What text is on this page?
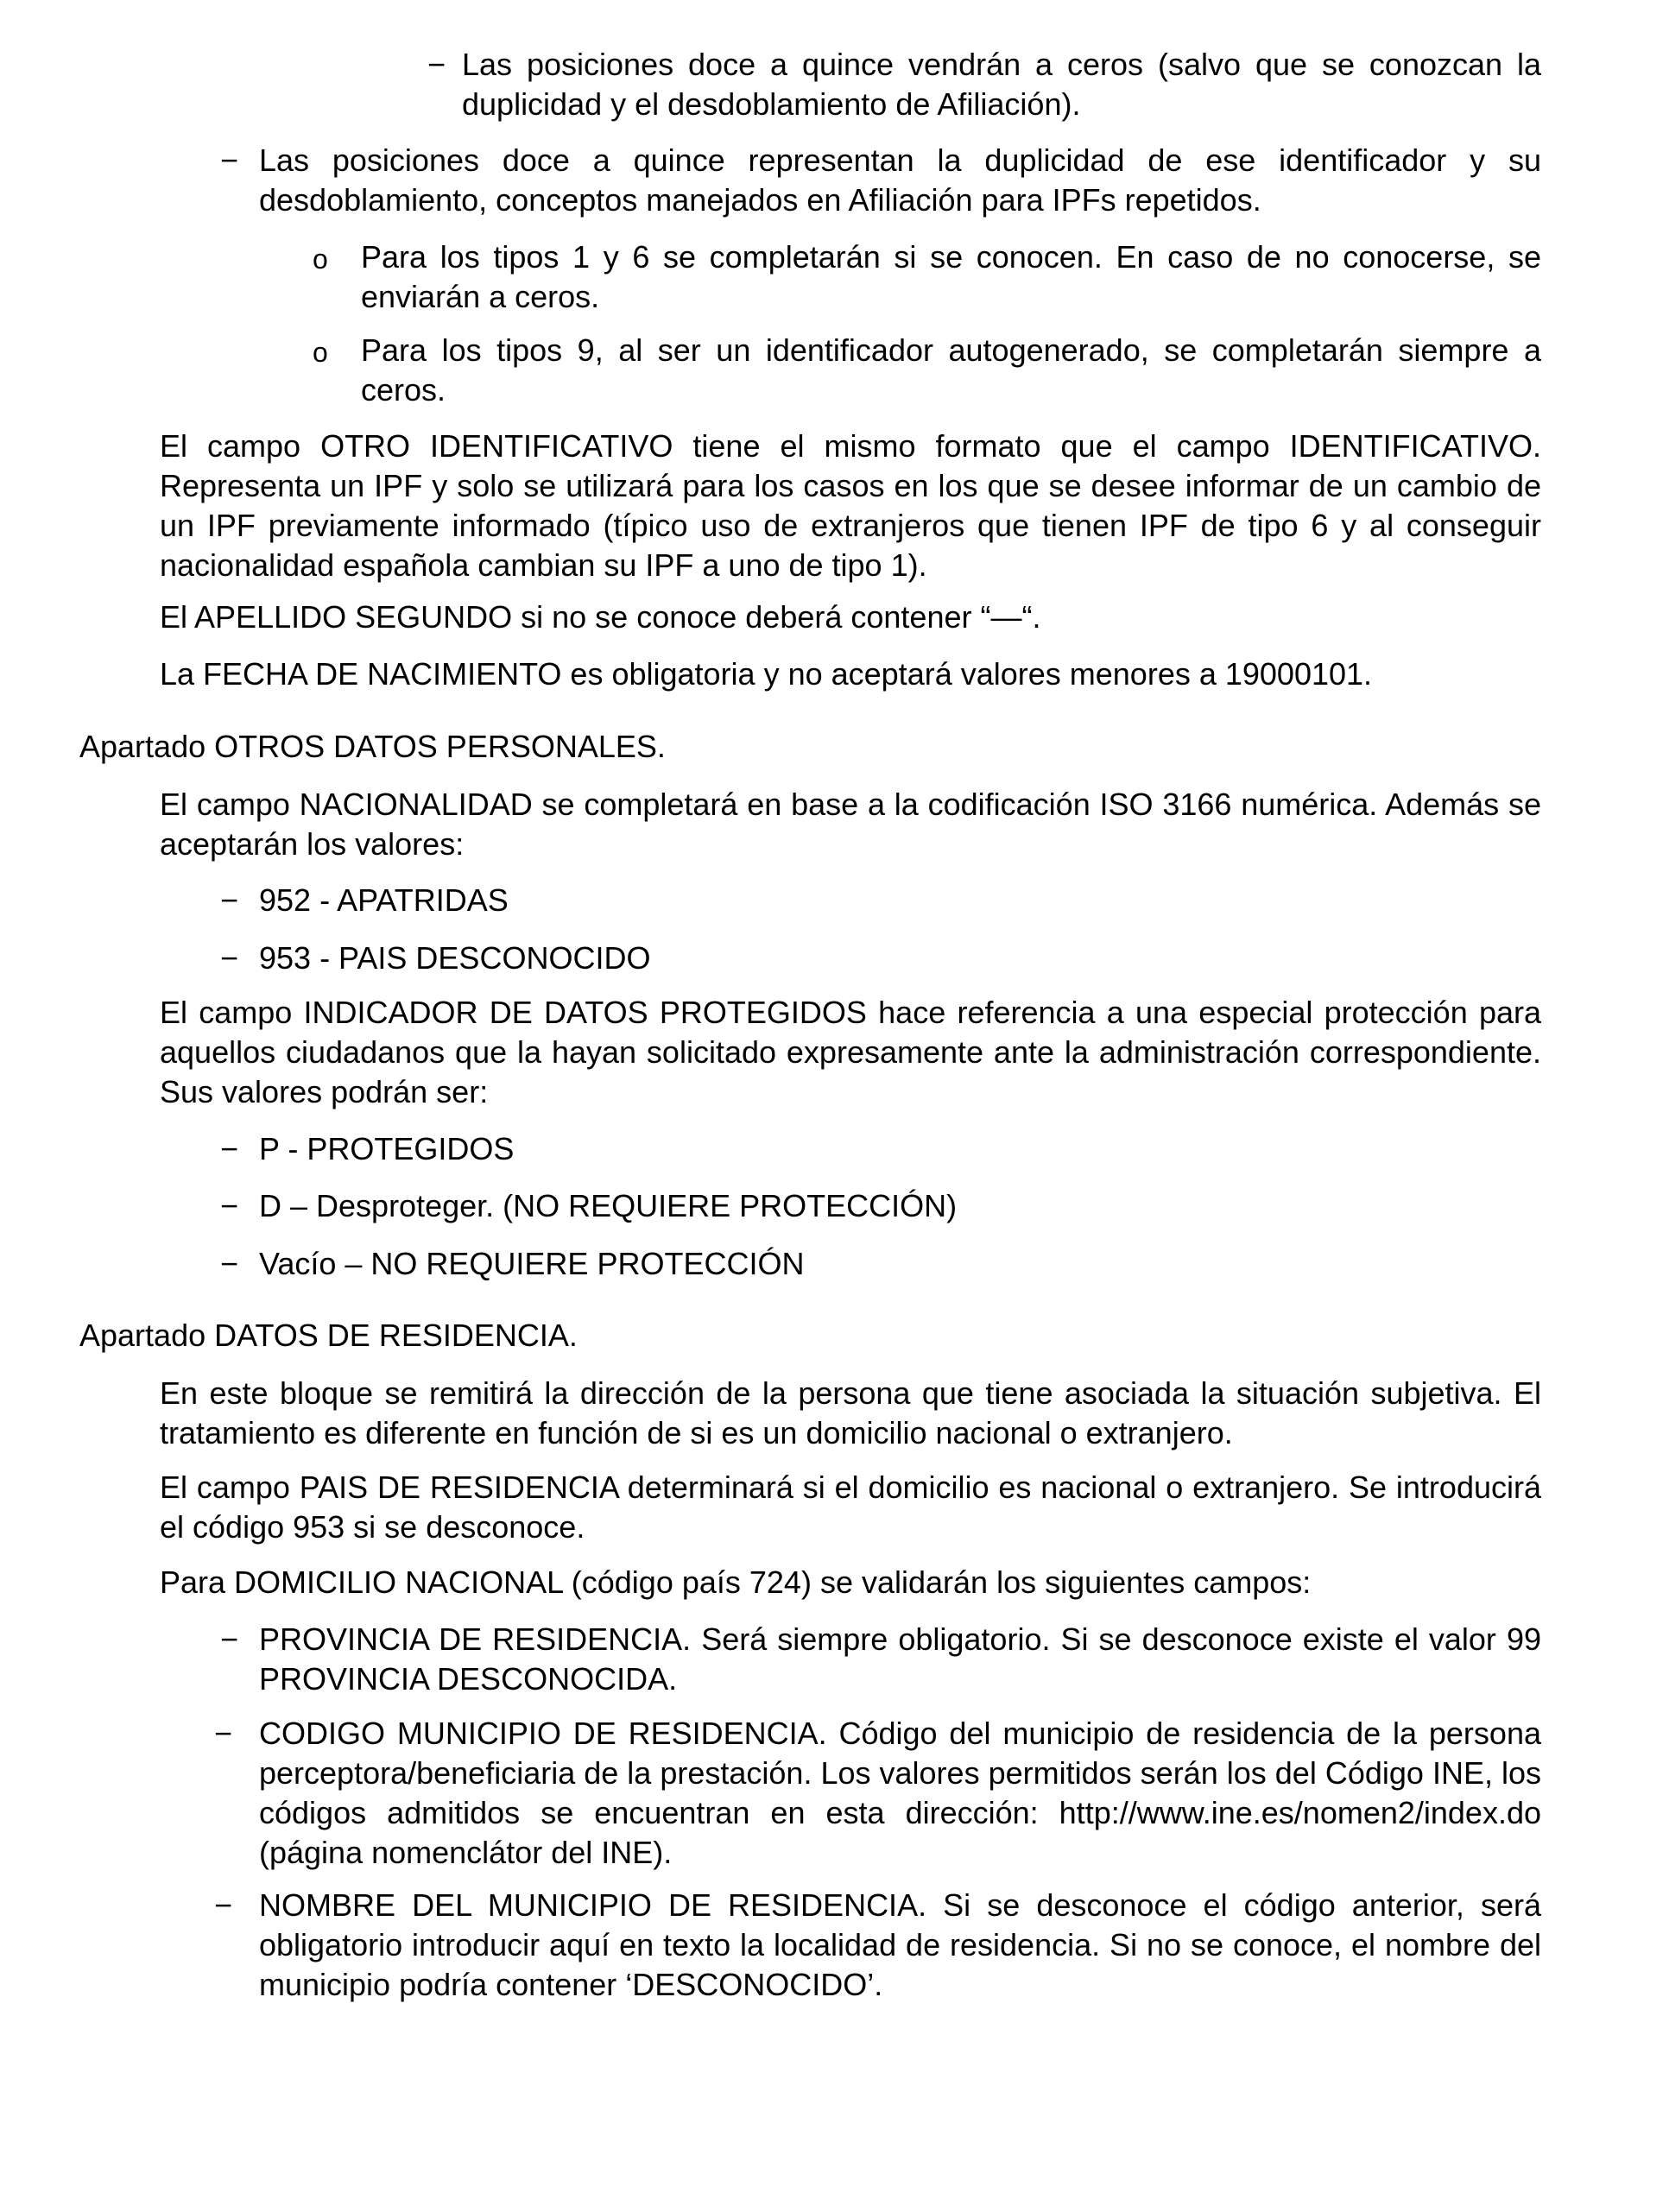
− Las posiciones doce a quince vendrán a ceros (salvo que se conozcan la duplicidad y el desdoblamiento de Afiliación).

− Las posiciones doce a quince representan la duplicidad de ese identificador y su desdoblamiento, conceptos manejados en Afiliación para IPFs repetidos.

o Para los tipos 1 y 6 se completarán si se conocen. En caso de no conocerse, se enviarán a ceros.

o Para los tipos 9, al ser un identificador autogenerado, se completarán siempre a ceros.

El campo OTRO IDENTIFICATIVO tiene el mismo formato que el campo IDENTIFICATIVO. Representa un IPF y solo se utilizará para los casos en los que se desee informar de un cambio de un IPF previamente informado (típico uso de extranjeros que tienen IPF de tipo 6 y al conseguir nacionalidad española cambian su IPF a uno de tipo 1).

El APELLIDO SEGUNDO si no se conoce deberá contener “—“.

La FECHA DE NACIMIENTO es obligatoria y no aceptará valores menores a 19000101.

Apartado OTROS DATOS PERSONALES.

El campo NACIONALIDAD se completará en base a la codificación ISO 3166 numérica. Además se aceptarán los valores:

− 952 - APATRIDAS

− 953 - PAIS DESCONOCIDO

El campo INDICADOR DE DATOS PROTEGIDOS hace referencia a una especial protección para aquellos ciudadanos que la hayan solicitado expresamente ante la administración correspondiente. Sus valores podrán ser:

− P - PROTEGIDOS

− D – Desproteger. (NO REQUIERE PROTECCIÓN)

− Vacío – NO REQUIERE PROTECCIÓN

Apartado DATOS DE RESIDENCIA.

En este bloque se remitirá la dirección de la persona que tiene asociada la situación subjetiva. El tratamiento es diferente en función de si es un domicilio nacional o extranjero.

El campo PAIS DE RESIDENCIA determinará si el domicilio es nacional o extranjero. Se introducirá el código 953 si se desconoce.

Para DOMICILIO NACIONAL (código país 724) se validarán los siguientes campos:

− PROVINCIA DE RESIDENCIA. Será siempre obligatorio. Si se desconoce existe el valor 99 PROVINCIA DESCONOCIDA.

− CODIGO MUNICIPIO DE RESIDENCIA. Código del municipio de residencia de la persona perceptora/beneficiaria de la prestación. Los valores permitidos serán los del Código INE, los códigos admitidos se encuentran en esta dirección: http://www.ine.es/nomen2/index.do (página nomenclátor del INE).

− NOMBRE DEL MUNICIPIO DE RESIDENCIA. Si se desconoce el código anterior, será obligatorio introducir aquí en texto la localidad de residencia. Si no se conoce, el nombre del municipio podría contener ‘DESCONOCIDO’.
